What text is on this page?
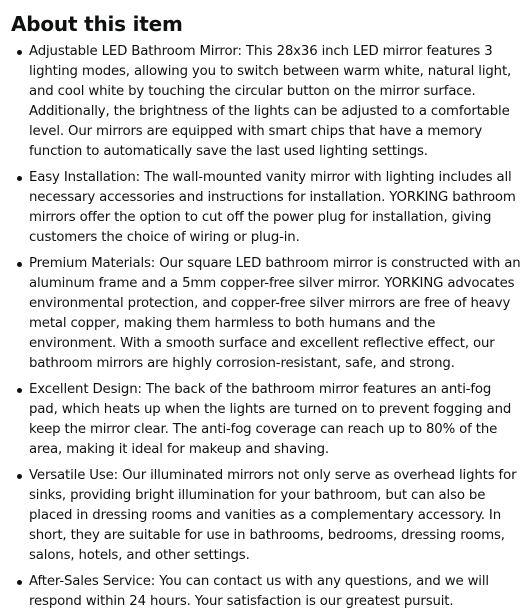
About this item
Adjustable LED Bathroom Mirror: This 28x36 inch LED mirror features 3 lighting modes, allowing you to switch between warm white, natural light, and cool white by touching the circular button on the mirror surface. Additionally, the brightness of the lights can be adjusted to a comfortable level. Our mirrors are equipped with smart chips that have a memory function to automatically save the last used lighting settings.
Easy Installation: The wall-mounted vanity mirror with lighting includes all necessary accessories and instructions for installation. YORKING bathroom mirrors offer the option to cut off the power plug for installation, giving customers the choice of wiring or plug-in.
Premium Materials: Our square LED bathroom mirror is constructed with an aluminum frame and a 5mm copper-free silver mirror. YORKING advocates environmental protection, and copper-free silver mirrors are free of heavy metal copper, making them harmless to both humans and the environment. With a smooth surface and excellent reflective effect, our bathroom mirrors are highly corrosion-resistant, safe, and strong.
Excellent Design: The back of the bathroom mirror features an anti-fog pad, which heats up when the lights are turned on to prevent fogging and keep the mirror clear. The anti-fog coverage can reach up to 80% of the area, making it ideal for makeup and shaving.
Versatile Use: Our illuminated mirrors not only serve as overhead lights for sinks, providing bright illumination for your bathroom, but can also be placed in dressing rooms and vanities as a complementary accessory. In short, they are suitable for use in bathrooms, bedrooms, dressing rooms, salons, hotels, and other settings.
After-Sales Service: You can contact us with any questions, and we will respond within 24 hours. Your satisfaction is our greatest pursuit.
